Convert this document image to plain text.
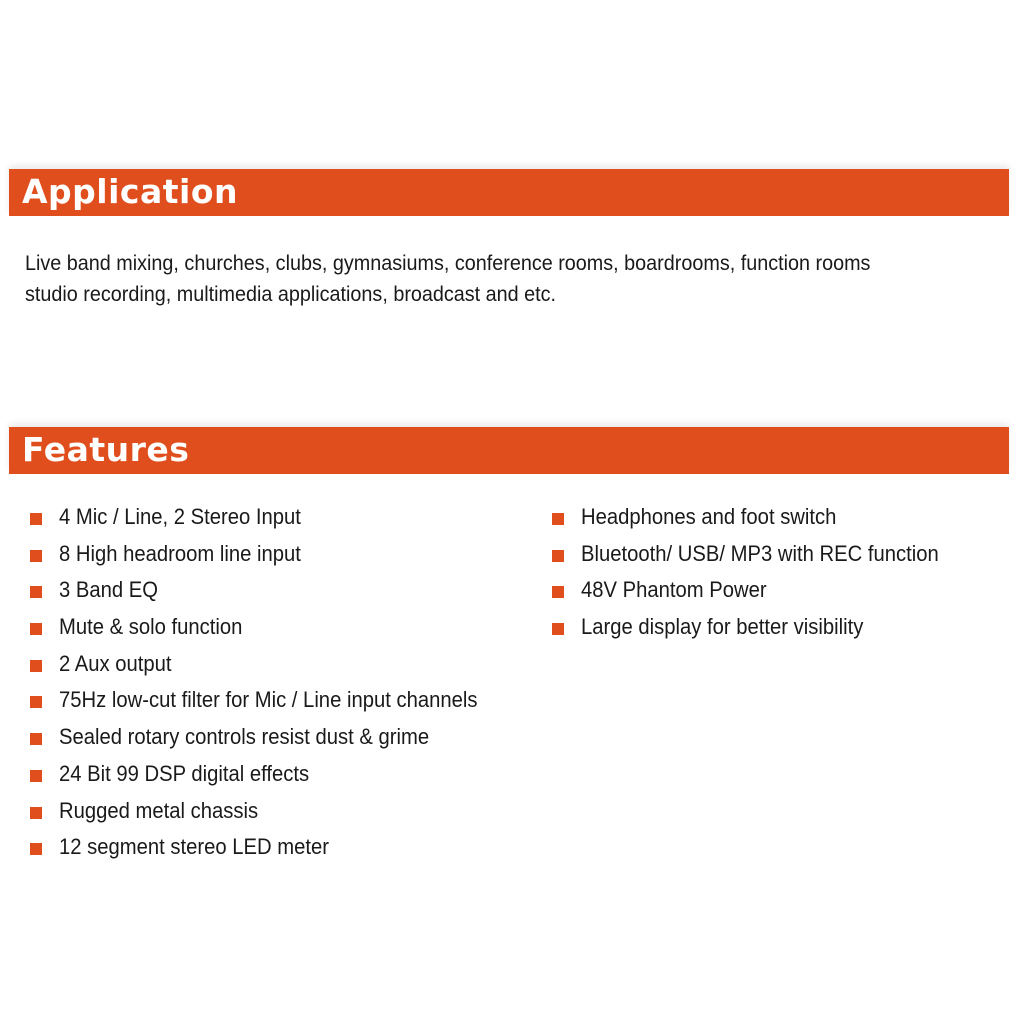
Application
Live band mixing, churches, clubs, gymnasiums, conference rooms, boardrooms, function rooms
studio recording, multimedia applications, broadcast and etc.
Features
4 Mic / Line, 2 Stereo Input
8 High headroom line input
3 Band EQ
Mute & solo function
2 Aux output
75Hz low-cut filter for Mic / Line input channels
Sealed rotary controls resist dust & grime
24 Bit 99 DSP digital effects
Rugged metal chassis
12 segment stereo LED meter
Headphones and foot switch
Bluetooth/ USB/ MP3 with REC function
48V Phantom Power
Large display for better visibility
